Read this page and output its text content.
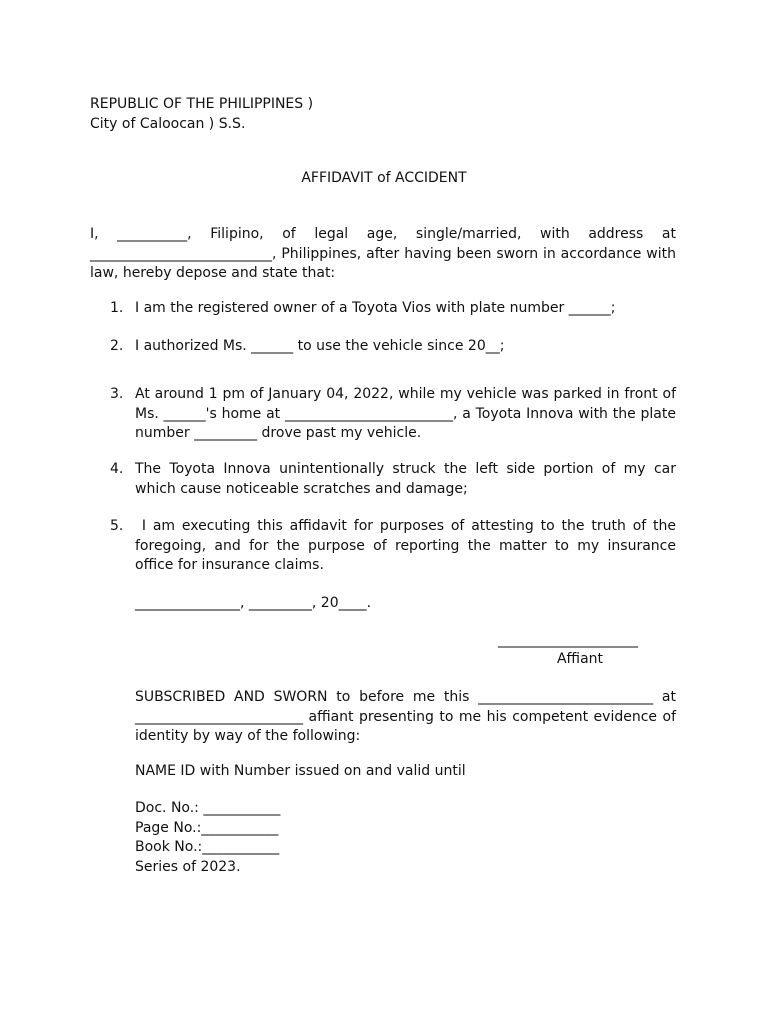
REPUBLIC OF THE PHILIPPINES )
City of Caloocan ) S.S.
AFFIDAVIT of ACCIDENT
I, __________, Filipino, of legal age, single/married, with address at __________________________, Philippines, after having been sworn in accordance with law, hereby depose and state that:
1. I am the registered owner of a Toyota Vios with plate number ______;
2. I authorized Ms. ______ to use the vehicle since 20__;
3. At around 1 pm of January 04, 2022, while my vehicle was parked in front of Ms. ______'s home at ________________________, a Toyota Innova with the plate number _________ drove past my vehicle.
4. The Toyota Innova unintentionally struck the left side portion of my car which cause noticeable scratches and damage;
5. I am executing this affidavit for purposes of attesting to the truth of the foregoing, and for the purpose of reporting the matter to my insurance office for insurance claims.
_______________, _________, 20____.
____________________
Affiant
SUBSCRIBED AND SWORN to before me this _________________________ at ________________________ affiant presenting to me his competent evidence of identity by way of the following:
NAME ID with Number issued on and valid until
Doc. No.: ___________
Page No.:___________
Book No.:___________
Series of 2023.
